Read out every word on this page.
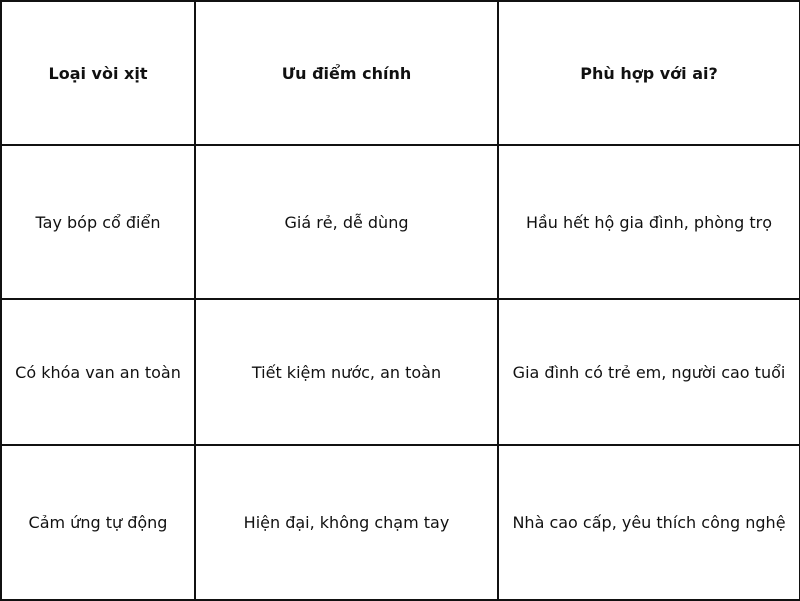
Loại vòi xịt	Ưu điểm chính	Phù hợp với ai?
Tay bóp cổ điển	Giá rẻ, dễ dùng	Hầu hết hộ gia đình, phòng trọ
Có khóa van an toàn	Tiết kiệm nước, an toàn	Gia đình có trẻ em, người cao tuổi
Cảm ứng tự động	Hiện đại, không chạm tay	Nhà cao cấp, yêu thích công nghệ
